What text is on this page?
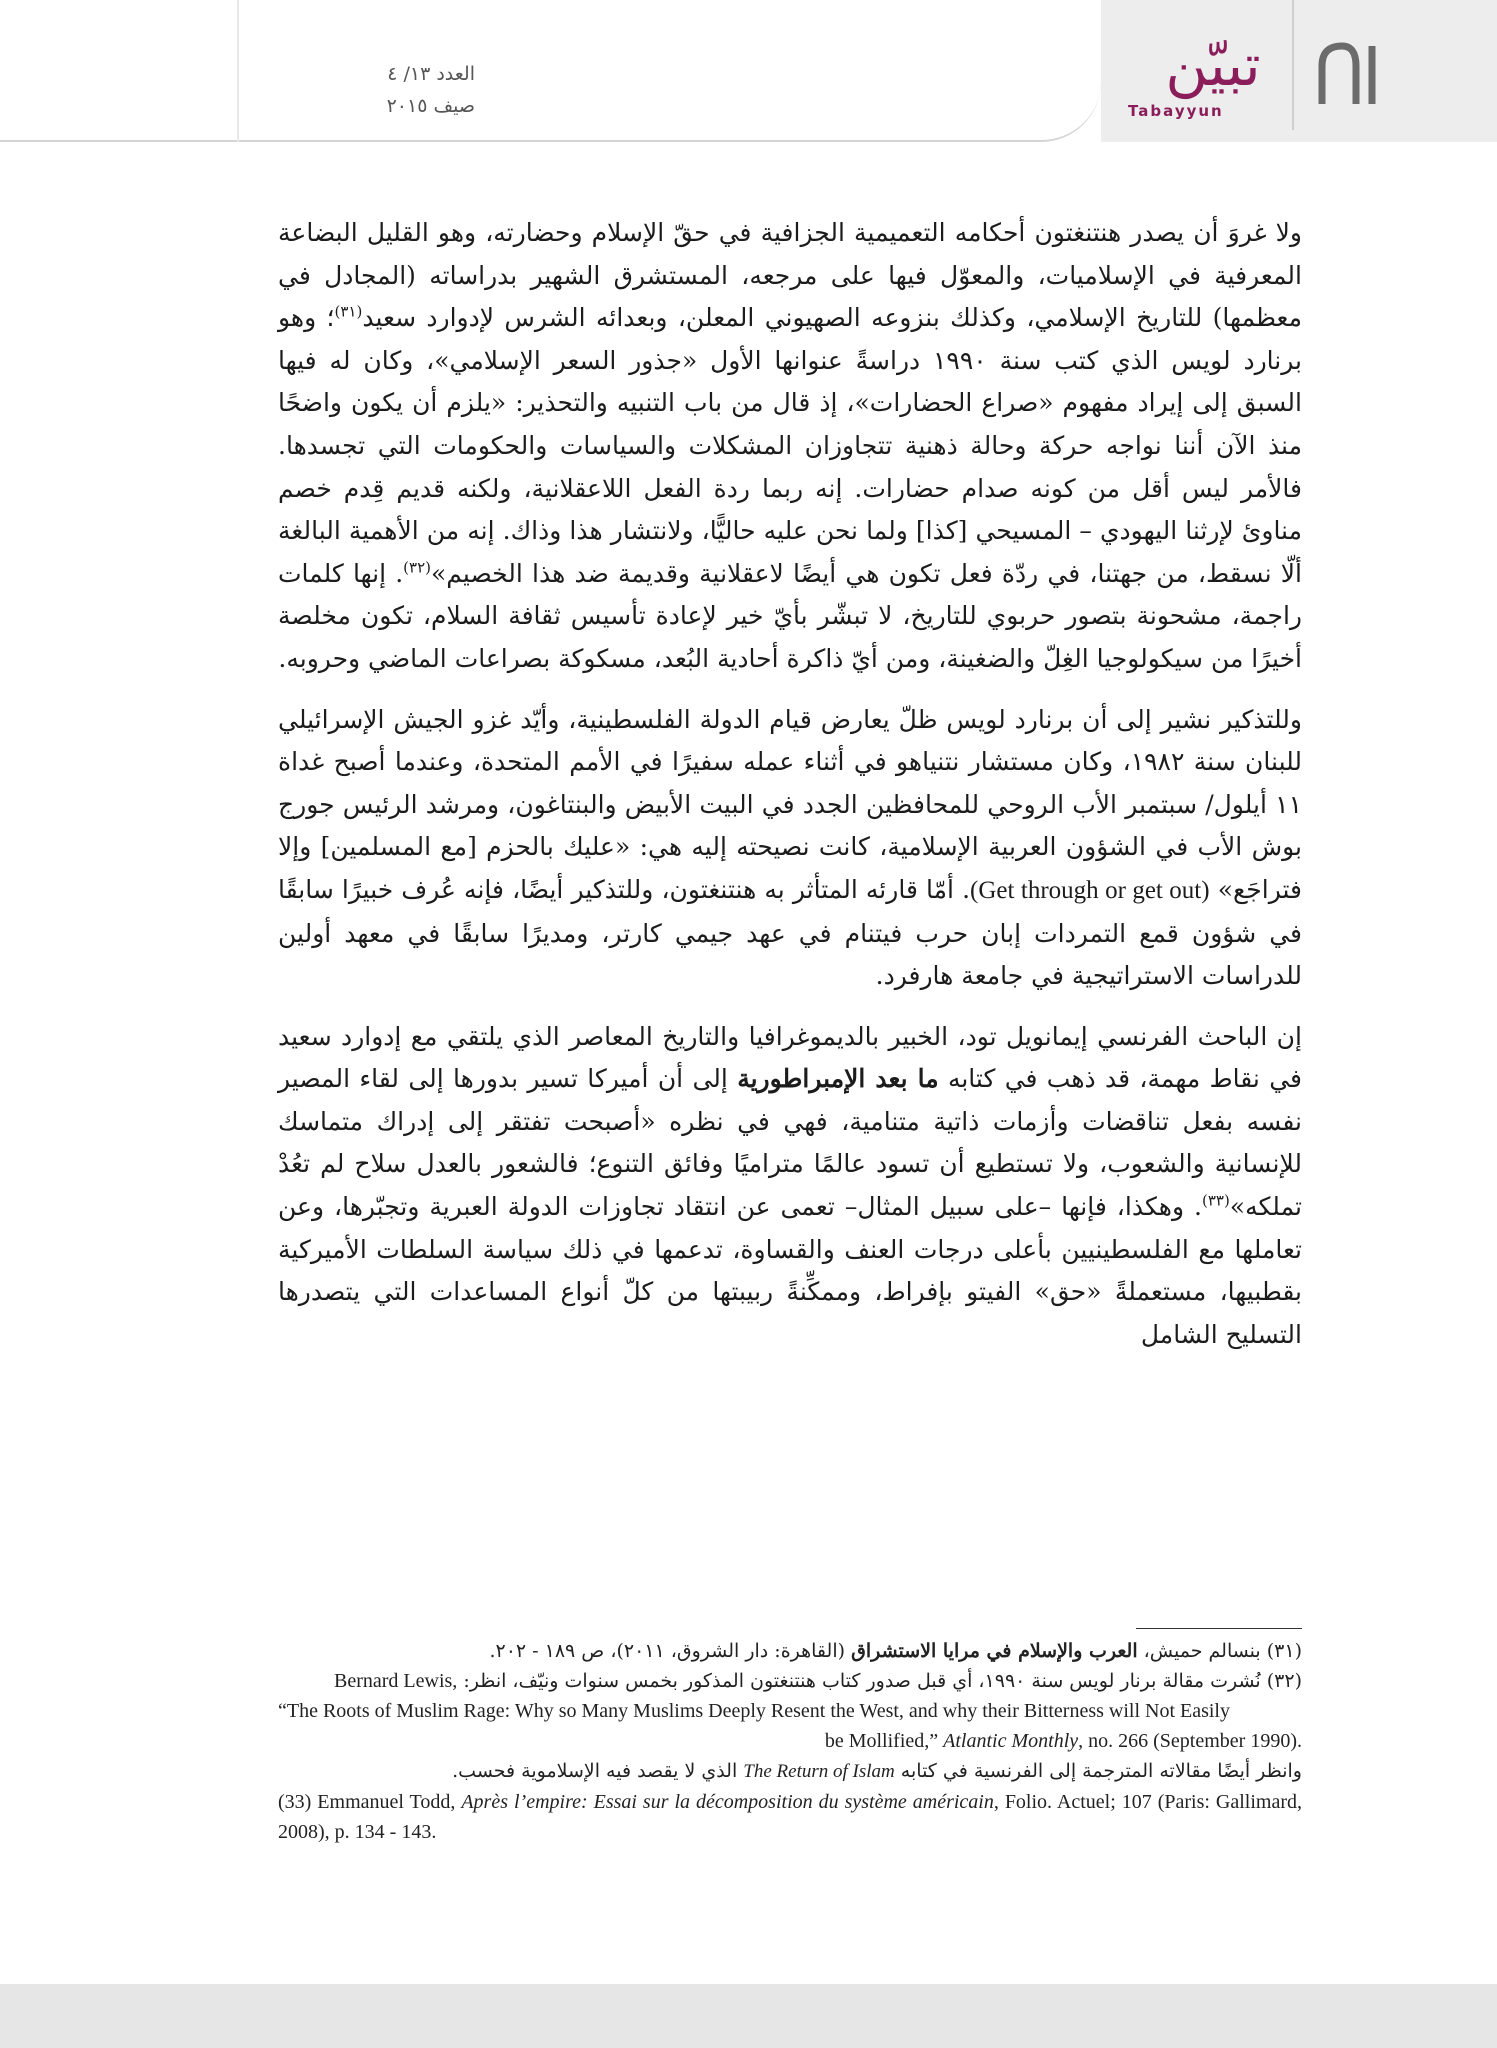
العدد ١٣/ ٤
صيف ٢٠١٥
تبيّن
Tabayyun

ولا غروَ أن يصدر هنتنغتون أحكامه التعميمية الجزافية في حقّ الإسلام وحضارته، وهو القليل البضاعة المعرفية في الإسلاميات، والمعوّل فيها على مرجعه، المستشرق الشهير بدراساته (المجادل في معظمها) للتاريخ الإسلامي، وكذلك بنزوعه الصهيوني المعلن، وبعدائه الشرس لإدوارد سعيد$^{(٣١)}$؛ وهو برنارد لويس الذي كتب سنة ١٩٩٠ دراسةً عنوانها الأول «جذور السعر الإسلامي»، وكان له فيها السبق إلى إيراد مفهوم «صراع الحضارات»، إذ قال من باب التنبيه والتحذير: «يلزم أن يكون واضحًا منذ الآن أننا نواجه حركة وحالة ذهنية تتجاوزان المشكلات والسياسات والحكومات التي تجسدها. فالأمر ليس أقل من كونه صدام حضارات. إنه ربما ردة الفعل اللاعقلانية، ولكنه قديم قِدم خصم مناوئ لإرثنا اليهودي – المسيحي [كذا] ولما نحن عليه حاليًّا، ولانتشار هذا وذاك. إنه من الأهمية البالغة ألّا نسقط، من جهتنا، في ردّة فعل تكون هي أيضًا لاعقلانية وقديمة ضد هذا الخصيم»$^{(٣٢)}$. إنها كلمات راجمة، مشحونة بتصور حربوي للتاريخ، لا تبشّر بأيّ خير لإعادة تأسيس ثقافة السلام، تكون مخلصة أخيرًا من سيكولوجيا الغِلّ والضغينة، ومن أيّ ذاكرة أحادية البُعد، مسكوكة بصراعات الماضي وحروبه.

وللتذكير نشير إلى أن برنارد لويس ظلّ يعارض قيام الدولة الفلسطينية، وأيّد غزو الجيش الإسرائيلي للبنان سنة ١٩٨٢، وكان مستشار نتنياهو في أثناء عمله سفيرًا في الأمم المتحدة، وعندما أصبح غداة ١١ أيلول/ سبتمبر الأب الروحي للمحافظين الجدد في البيت الأبيض والبنتاغون، ومرشد الرئيس جورج بوش الأب في الشؤون العربية الإسلامية، كانت نصيحته إليه هي: «عليك بالحزم [مع المسلمين] وإلا فتراجَع» (Get through or get out). أمّا قارئه المتأثر به هنتنغتون، وللتذكير أيضًا، فإنه عُرف خبيرًا سابقًا في شؤون قمع التمردات إبان حرب فيتنام في عهد جيمي كارتر، ومديرًا سابقًا في معهد أولين للدراسات الاستراتيجية في جامعة هارفرد.

إن الباحث الفرنسي إيمانويل تود، الخبير بالديموغرافيا والتاريخ المعاصر الذي يلتقي مع إدوارد سعيد في نقاط مهمة، قد ذهب في كتابه ما بعد الإمبراطورية إلى أن أميركا تسير بدورها إلى لقاء المصير نفسه بفعل تناقضات وأزمات ذاتية متنامية، فهي في نظره «أصبحت تفتقر إلى إدراك متماسك للإنسانية والشعوب، ولا تستطيع أن تسود عالمًا متراميًا وفائق التنوع؛ فالشعور بالعدل سلاح لم تعُدْ تملكه»$^{(٣٣)}$. وهكذا، فإنها –على سبيل المثال– تعمى عن انتقاد تجاوزات الدولة العبرية وتجبّرها، وعن تعاملها مع الفلسطينيين بأعلى درجات العنف والقساوة، تدعمها في ذلك سياسة السلطات الأميركية بقطبيها، مستعملةً «حق» الفيتو بإفراط، وممكِّنةً ربيبتها من كلّ أنواع المساعدات التي يتصدرها التسليح الشامل

(٣١) بنسالم حميش، العرب والإسلام في مرايا الاستشراق (القاهرة: دار الشروق، ٢٠١١)، ص ١٨٩ - ٢٠٢.
(٣٢) نُشرت مقالة برنار لويس سنة ١٩٩٠، أي قبل صدور كتاب هنتنغتون المذكور بخمس سنوات ونيّف، انظر: Bernard Lewis,
“The Roots of Muslim Rage: Why so Many Muslims Deeply Resent the West, and why their Bitterness will Not Easily
be Mollified,” Atlantic Monthly, no. 266 (September 1990).
وانظر أيضًا مقالاته المترجمة إلى الفرنسية في كتابه The Return of Islam الذي لا يقصد فيه الإسلاموية فحسب.
(33) Emmanuel Todd, Après l’empire: Essai sur la décomposition du système américain, Folio. Actuel; 107 (Paris: Gallimard, 2008), p. 134 - 143.
